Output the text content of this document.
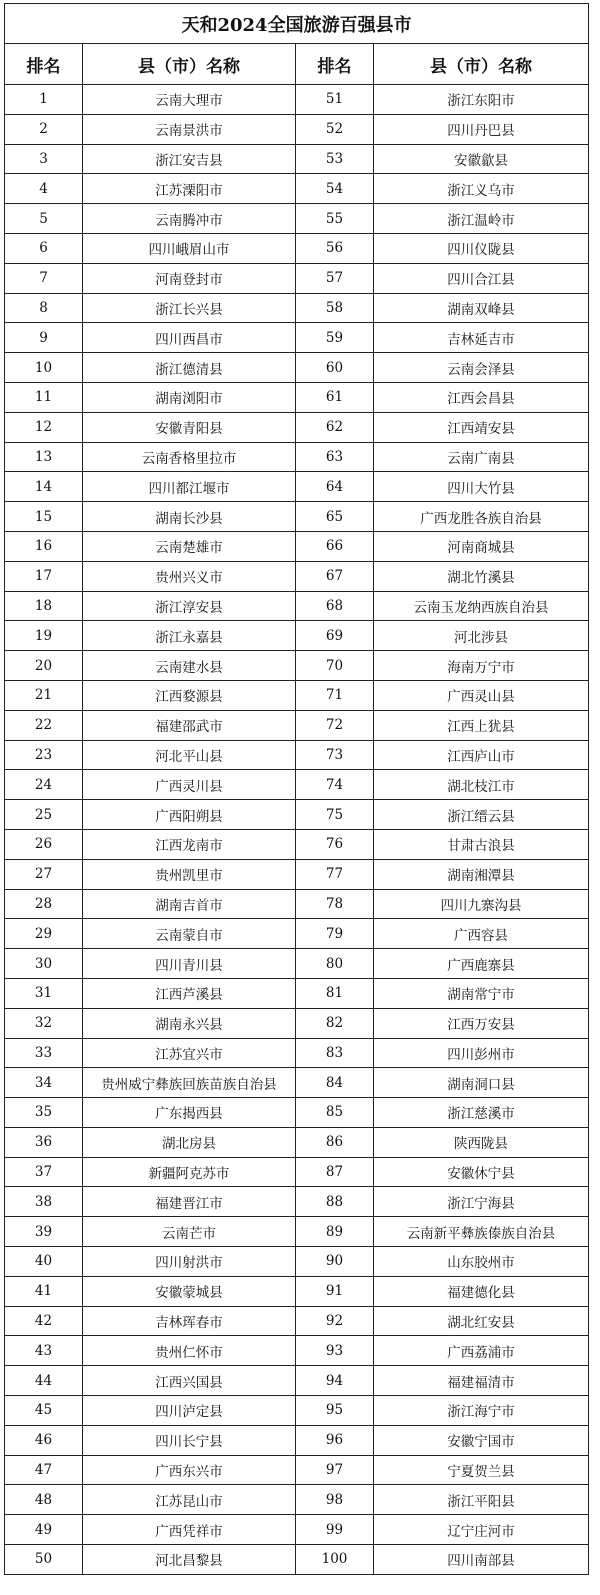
天和2024全国旅游百强县市			
排名	县（市）名称	排名	县（市）名称
1	云南大理市	51	浙江东阳市
2	云南景洪市	52	四川丹巴县
3	浙江安吉县	53	安徽歙县
4	江苏溧阳市	54	浙江义乌市
5	云南腾冲市	55	浙江温岭市
6	四川峨眉山市	56	四川仪陇县
7	河南登封市	57	四川合江县
8	浙江长兴县	58	湖南双峰县
9	四川西昌市	59	吉林延吉市
10	浙江德清县	60	云南会泽县
11	湖南浏阳市	61	江西会昌县
12	安徽青阳县	62	江西靖安县
13	云南香格里拉市	63	云南广南县
14	四川都江堰市	64	四川大竹县
15	湖南长沙县	65	广西龙胜各族自治县
16	云南楚雄市	66	河南商城县
17	贵州兴义市	67	湖北竹溪县
18	浙江淳安县	68	云南玉龙纳西族自治县
19	浙江永嘉县	69	河北涉县
20	云南建水县	70	海南万宁市
21	江西婺源县	71	广西灵山县
22	福建邵武市	72	江西上犹县
23	河北平山县	73	江西庐山市
24	广西灵川县	74	湖北枝江市
25	广西阳朔县	75	浙江缙云县
26	江西龙南市	76	甘肃古浪县
27	贵州凯里市	77	湖南湘潭县
28	湖南吉首市	78	四川九寨沟县
29	云南蒙自市	79	广西容县
30	四川青川县	80	广西鹿寨县
31	江西芦溪县	81	湖南常宁市
32	湖南永兴县	82	江西万安县
33	江苏宜兴市	83	四川彭州市
34	贵州威宁彝族回族苗族自治县	84	湖南洞口县
35	广东揭西县	85	浙江慈溪市
36	湖北房县	86	陕西陇县
37	新疆阿克苏市	87	安徽休宁县
38	福建晋江市	88	浙江宁海县
39	云南芒市	89	云南新平彝族傣族自治县
40	四川射洪市	90	山东胶州市
41	安徽蒙城县	91	福建德化县
42	吉林珲春市	92	湖北红安县
43	贵州仁怀市	93	广西荔浦市
44	江西兴国县	94	福建福清市
45	四川泸定县	95	浙江海宁市
46	四川长宁县	96	安徽宁国市
47	广西东兴市	97	宁夏贺兰县
48	江苏昆山市	98	浙江平阳县
49	广西凭祥市	99	辽宁庄河市
50	河北昌黎县	100	四川南部县
